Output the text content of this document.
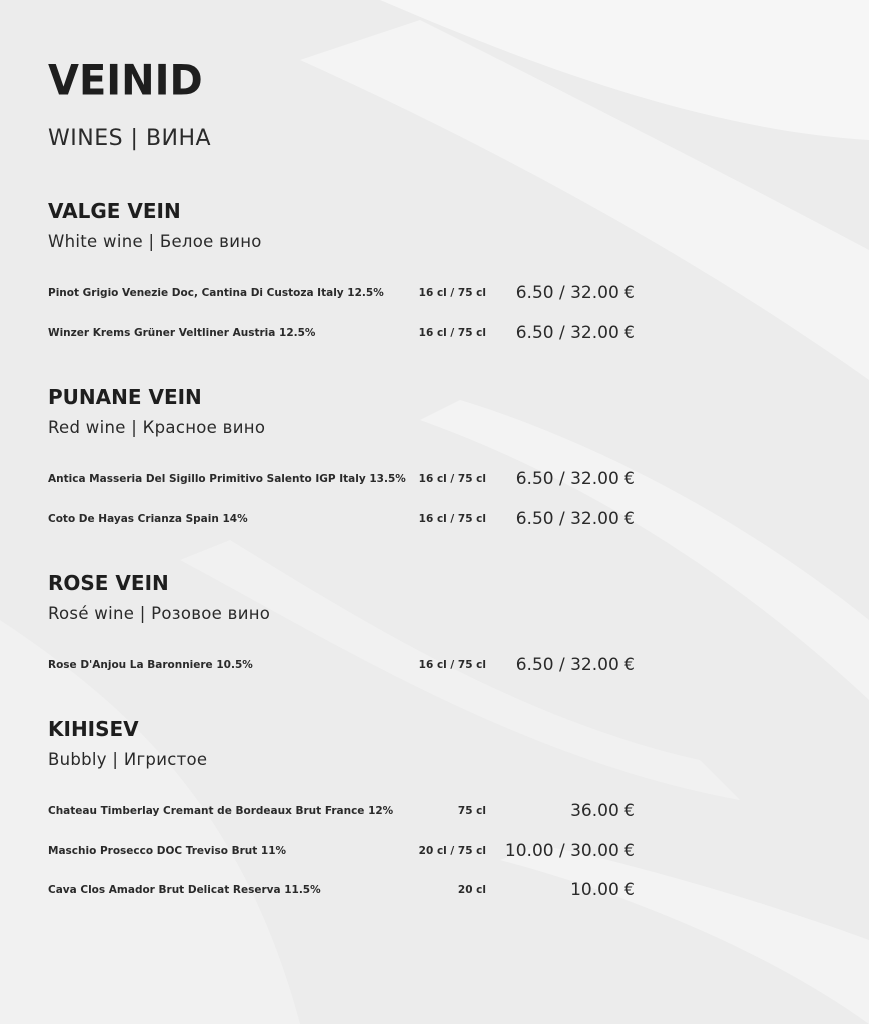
VEINID
WINES | ВИНА
VALGE VEIN
White wine | Белое вино
Pinot Grigio Venezie Doc, Cantina Di Custoza Italy 12.5%	16 cl / 75 cl 6.50 / 32.00 €
Winzer Krems Grüner Veltliner Austria 12.5%	16 cl / 75 cl 6.50 / 32.00 €
PUNANE VEIN
Red wine | Красное вино
Antica Masseria Del Sigillo Primitivo Salento IGP Italy 13.5% 16 cl / 75 cl 6.50 / 32.00 €
Coto De Hayas Crianza Spain 14%	16 cl / 75 cl 6.50 / 32.00 €
ROSE VEIN
Rosé wine | Розовое вино
Rose D'Anjou La Baronniere 10.5%	16 cl / 75 cl 6.50 / 32.00 €
KIHISEV
Bubbly | Игристое
Chateau Timberlay Cremant de Bordeaux Brut France 12%	75 cl	36.00 €
Maschio Prosecco DOC Treviso Brut 11%	20 cl / 75 cl 10.00 / 30.00 €
Cava Clos Amador Brut Delicat Reserva 11.5%	20 cl	10.00 €
